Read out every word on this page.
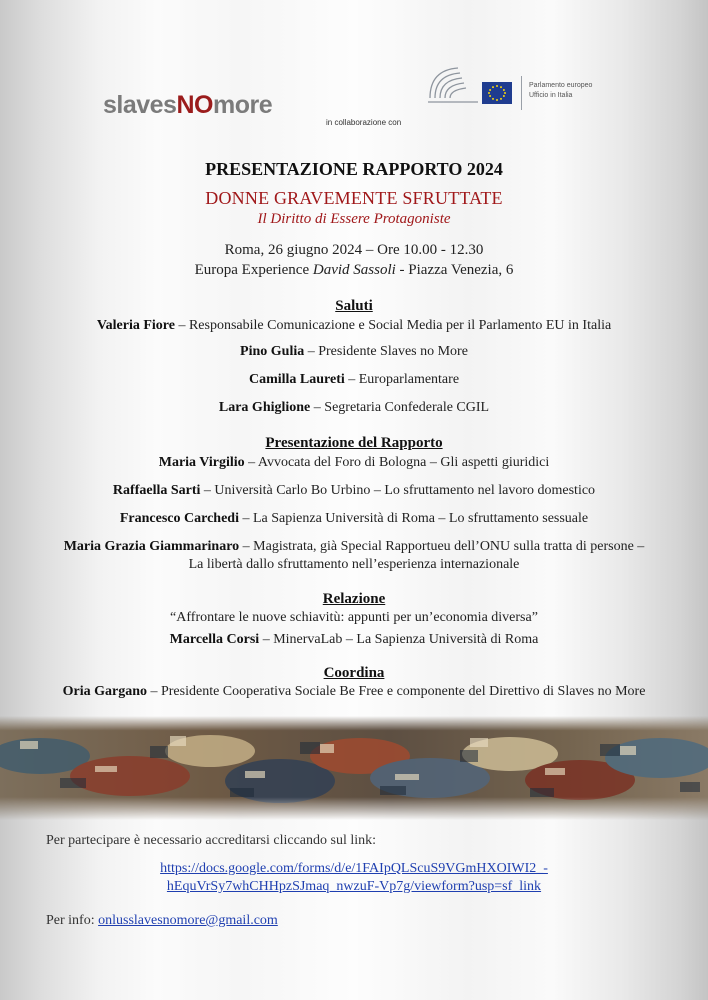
slavesNOmore
in collaborazione con
Parlamento europeo
Ufficio in Italia
PRESENTAZIONE RAPPORTO 2024
DONNE GRAVEMENTE SFRUTTATE
Il Diritto di Essere Protagoniste
Roma, 26 giugno 2024 – Ore 10.00 - 12.30
Europa Experience David Sassoli - Piazza Venezia, 6
Saluti
Valeria Fiore – Responsabile Comunicazione e Social Media per il Parlamento EU in Italia
Pino Gulia – Presidente Slaves no More
Camilla Laureti – Europarlamentare
Lara Ghiglione – Segretaria Confederale CGIL
Presentazione del Rapporto
Maria Virgilio – Avvocata del Foro di Bologna – Gli aspetti giuridici
Raffaella Sarti – Università Carlo Bo Urbino – Lo sfruttamento nel lavoro domestico
Francesco Carchedi – La Sapienza Università di Roma – Lo sfruttamento sessuale
Maria Grazia Giammarinaro – Magistrata, già Special Rapportueu dell’ONU sulla tratta di persone –
La libertà dallo sfruttamento nell’esperienza internazionale
Relazione
“Affrontare le nuove schiavitù: appunti per un’economia diversa”
Marcella Corsi – MinervaLab – La Sapienza Università di Roma
Coordina
Oria Gargano – Presidente Cooperativa Sociale Be Free e componente del Direttivo di Slaves no More
Per partecipare è necessario accreditarsi cliccando sul link:
https://docs.google.com/forms/d/e/1FAIpQLScuS9VGmHXOIWI2_-
hEquVrSy7whCHHpzSJmaq_nwzuF-Vp7g/viewform?usp=sf_link
Per info: onlusslavesnomore@gmail.com
